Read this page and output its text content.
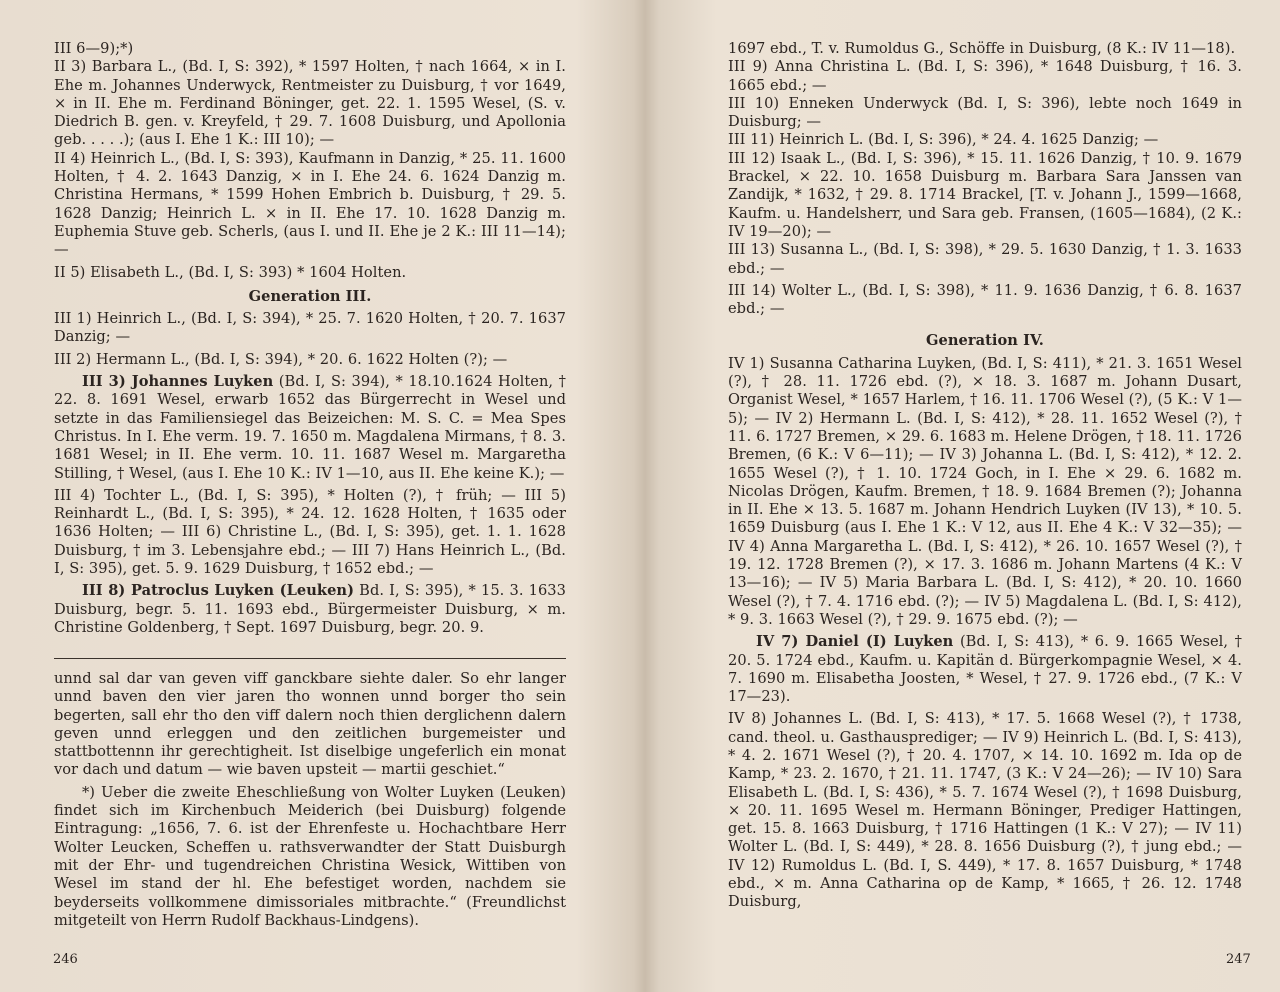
III 6—9);*)

II 3) Barbara L., (Bd. I, S: 392), * 1597 Holten, † nach 1664, × in I. Ehe m. Johannes Underwyck, Rentmeister zu Duisburg, † vor 1649, × in II. Ehe m. Ferdinand Böninger, get. 22. 1. 1595 Wesel, (S. v. Diedrich B. gen. v. Kreyfeld, † 29. 7. 1608 Duisburg, und Apollonia geb. . . . .); (aus I. Ehe 1 K.: III 10); —

II 4) Heinrich L., (Bd. I, S: 393), Kaufmann in Danzig, * 25. 11. 1600 Holten, † 4. 2. 1643 Danzig, × in I. Ehe 24. 6. 1624 Danzig m. Christina Hermans, * 1599 Hohen Embrich b. Duisburg, † 29. 5. 1628 Danzig; Heinrich L. × in II. Ehe 17. 10. 1628 Danzig m. Euphemia Stuve geb. Scherls, (aus I. und II. Ehe je 2 K.: III 11—14); —

II 5) Elisabeth L., (Bd. I, S: 393) * 1604 Holten.

Generation III.

III 1) Heinrich L., (Bd. I, S: 394), * 25. 7. 1620 Holten, † 20. 7. 1637 Danzig; —

III 2) Hermann L., (Bd. I, S: 394), * 20. 6. 1622 Holten (?); —

III 3) Johannes Luyken (Bd. I, S: 394), * 18.10.1624 Holten, † 22. 8. 1691 Wesel, erwarb 1652 das Bürgerrecht in Wesel und setzte in das Familiensiegel das Beizeichen: M. S. C. = Mea Spes Christus. In I. Ehe verm. 19. 7. 1650 m. Magdalena Mirmans, † 8. 3. 1681 Wesel; in II. Ehe verm. 10. 11. 1687 Wesel m. Margaretha Stilling, † Wesel, (aus I. Ehe 10 K.: IV 1—10, aus II. Ehe keine K.); —

III 4) Tochter L., (Bd. I, S: 395), * Holten (?), † früh; — III 5) Reinhardt L., (Bd. I, S: 395), * 24. 12. 1628 Holten, † 1635 oder 1636 Holten; — III 6) Christine L., (Bd. I, S: 395), get. 1. 1. 1628 Duisburg, † im 3. Lebensjahre ebd.; — III 7) Hans Heinrich L., (Bd. I, S: 395), get. 5. 9. 1629 Duisburg, † 1652 ebd.; —

III 8) Patroclus Luyken (Leuken) Bd. I, S: 395), * 15. 3. 1633 Duisburg, begr. 5. 11. 1693 ebd., Bürgermeister Duisburg, × m. Christine Goldenberg, † Sept. 1697 Duisburg, begr. 20. 9.

unnd sal dar van geven viff ganckbare siehte daler. So ehr langer unnd baven den vier jaren tho wonnen unnd borger tho sein begerten, sall ehr tho den viff dalern noch thien derglichenn dalern geven unnd erleggen und den zeitlichen burgemeister und stattbottennn ihr gerechtigheit. Ist diselbige ungeferlich ein monat vor dach und datum — wie baven upsteit — martii geschiet.“

*) Ueber die zweite Eheschließung von Wolter Luyken (Leuken) findet sich im Kirchenbuch Meiderich (bei Duisburg) folgende Eintragung: „1656, 7. 6. ist der Ehrenfeste u. Hochachtbare Herr Wolter Leucken, Scheffen u. rathsverwandter der Statt Duisburgh mit der Ehr- und tugendreichen Christina Wesick, Wittiben von Wesel im stand der hl. Ehe befestiget worden, nachdem sie beyderseits vollkommene dimissoriales mitbrachte.“ (Freundlichst mitgeteilt von Herrn Rudolf Backhaus-Lindgens).

246

1697 ebd., T. v. Rumoldus G., Schöffe in Duisburg, (8 K.: IV 11—18).

III 9) Anna Christina L. (Bd. I, S: 396), * 1648 Duisburg, † 16. 3. 1665 ebd.; —

III 10) Enneken Underwyck (Bd. I, S: 396), lebte noch 1649 in Duisburg; —

III 11) Heinrich L. (Bd. I, S: 396), * 24. 4. 1625 Danzig; —

III 12) Isaak L., (Bd. I, S: 396), * 15. 11. 1626 Danzig, † 10. 9. 1679 Brackel, × 22. 10. 1658 Duisburg m. Barbara Sara Janssen van Zandijk, * 1632, † 29. 8. 1714 Brackel, [T. v. Johann J., 1599—1668, Kaufm. u. Handelsherr, und Sara geb. Fransen, (1605—1684), (2 K.: IV 19—20); —

III 13) Susanna L., (Bd. I, S: 398), * 29. 5. 1630 Danzig, † 1. 3. 1633 ebd.; —

III 14) Wolter L., (Bd. I, S: 398), * 11. 9. 1636 Danzig, † 6. 8. 1637 ebd.; —

Generation IV.

IV 1) Susanna Catharina Luyken, (Bd. I, S: 411), * 21. 3. 1651 Wesel (?), † 28. 11. 1726 ebd. (?), × 18. 3. 1687 m. Johann Dusart, Organist Wesel, * 1657 Harlem, † 16. 11. 1706 Wesel (?), (5 K.: V 1—5); — IV 2) Hermann L. (Bd. I, S: 412), * 28. 11. 1652 Wesel (?), † 11. 6. 1727 Bremen, × 29. 6. 1683 m. Helene Drögen, † 18. 11. 1726 Bremen, (6 K.: V 6—11); — IV 3) Johanna L. (Bd. I, S: 412), * 12. 2. 1655 Wesel (?), † 1. 10. 1724 Goch, in I. Ehe × 29. 6. 1682 m. Nicolas Drögen, Kaufm. Bremen, † 18. 9. 1684 Bremen (?); Johanna in II. Ehe × 13. 5. 1687 m. Johann Hendrich Luyken (IV 13), * 10. 5. 1659 Duisburg (aus I. Ehe 1 K.: V 12, aus II. Ehe 4 K.: V 32—35); — IV 4) Anna Margaretha L. (Bd. I, S: 412), * 26. 10. 1657 Wesel (?), † 19. 12. 1728 Bremen (?), × 17. 3. 1686 m. Johann Martens (4 K.: V 13—16); — IV 5) Maria Barbara L. (Bd. I, S: 412), * 20. 10. 1660 Wesel (?), † 7. 4. 1716 ebd. (?); — IV 5) Magdalena L. (Bd. I, S: 412), * 9. 3. 1663 Wesel (?), † 29. 9. 1675 ebd. (?); —

IV 7) Daniel (I) Luyken (Bd. I, S: 413), * 6. 9. 1665 Wesel, † 20. 5. 1724 ebd., Kaufm. u. Kapitän d. Bürgerkompagnie Wesel, × 4. 7. 1690 m. Elisabetha Joosten, * Wesel, † 27. 9. 1726 ebd., (7 K.: V 17—23).

IV 8) Johannes L. (Bd. I, S: 413), * 17. 5. 1668 Wesel (?), † 1738, cand. theol. u. Gasthausprediger; — IV 9) Heinrich L. (Bd. I, S: 413), * 4. 2. 1671 Wesel (?), † 20. 4. 1707, × 14. 10. 1692 m. Ida op de Kamp, * 23. 2. 1670, † 21. 11. 1747, (3 K.: V 24—26); — IV 10) Sara Elisabeth L. (Bd. I, S: 436), * 5. 7. 1674 Wesel (?), † 1698 Duisburg, × 20. 11. 1695 Wesel m. Hermann Böninger, Prediger Hattingen, get. 15. 8. 1663 Duisburg, † 1716 Hattingen (1 K.: V 27); — IV 11) Wolter L. (Bd. I, S: 449), * 28. 8. 1656 Duisburg (?), † jung ebd.; — IV 12) Rumoldus L. (Bd. I, S. 449), * 17. 8. 1657 Duisburg, * 1748 ebd., × m. Anna Catharina op de Kamp, * 1665, † 26. 12. 1748 Duisburg,

247
